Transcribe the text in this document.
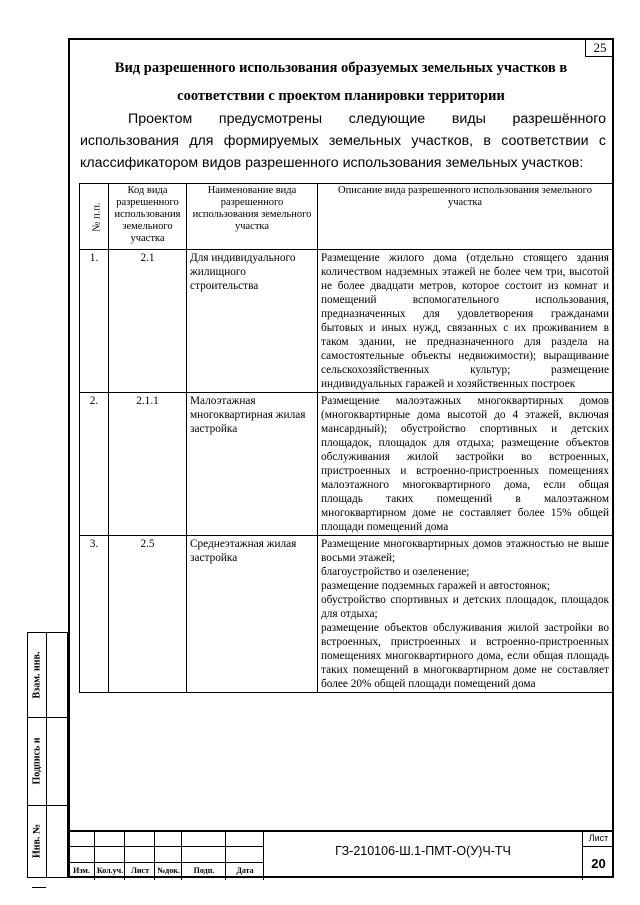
25
Вид разрешенного использования образуемых земельных участков в
соответствии с проектом планировки территории
Проектом предусмотрены следующие виды разрешённого использования для формируемых земельных участков, в соответствии с классификатором видов разрешенного использования земельных участков:
№ п.п.	Код вида разрешенного использования земельного участка	Наименование вида разрешенного использования земельного участка	Описание вида разрешенного использования земельного участка
1.	2.1	Для индивидуального жилищного строительства	Размещение жилого дома (отдельно стоящего здания количеством надземных этажей не более чем три, высотой не более двадцати метров, которое состоит из комнат и помещений вспомогательного использования, предназначенных для удовлетворения гражданами бытовых и иных нужд, связанных с их проживанием в таком здании, не предназначенного для раздела на самостоятельные объекты недвижимости); выращивание сельскохозяйственных культур; размещение индивидуальных гаражей и хозяйственных построек
2.	2.1.1	Малоэтажная многоквартирная жилая застройка	Размещение малоэтажных многоквартирных домов (многоквартирные дома высотой до 4 этажей, включая мансардный); обустройство спортивных и детских площадок, площадок для отдыха; размещение объектов обслуживания жилой застройки во встроенных, пристроенных и встроенно-пристроенных помещениях малоэтажного многоквартирного дома, если общая площадь таких помещений в малоэтажном многоквартирном доме не составляет более 15% общей площади помещений дома
3.	2.5	Среднеэтажная жилая застройка	Размещение многоквартирных домов этажностью не выше восьми этажей;
благоустройство и озеленение;
размещение подземных гаражей и автостоянок;
обустройство спортивных и детских площадок, площадок для отдыха;
размещение объектов обслуживания жилой застройки во встроенных, пристроенных и встроенно-пристроенных помещениях многоквартирного дома, если общая площадь таких помещений в многоквартирном доме не составляет более 20% общей площади помещений дома
Взам. инв.
Подпись и
Инв. №
Изм. Кол.уч. Лист	№док.	Подп.	Дата
ГЗ-210106-Ш.1-ПМТ-О(У)Ч-ТЧ
Лист
20
